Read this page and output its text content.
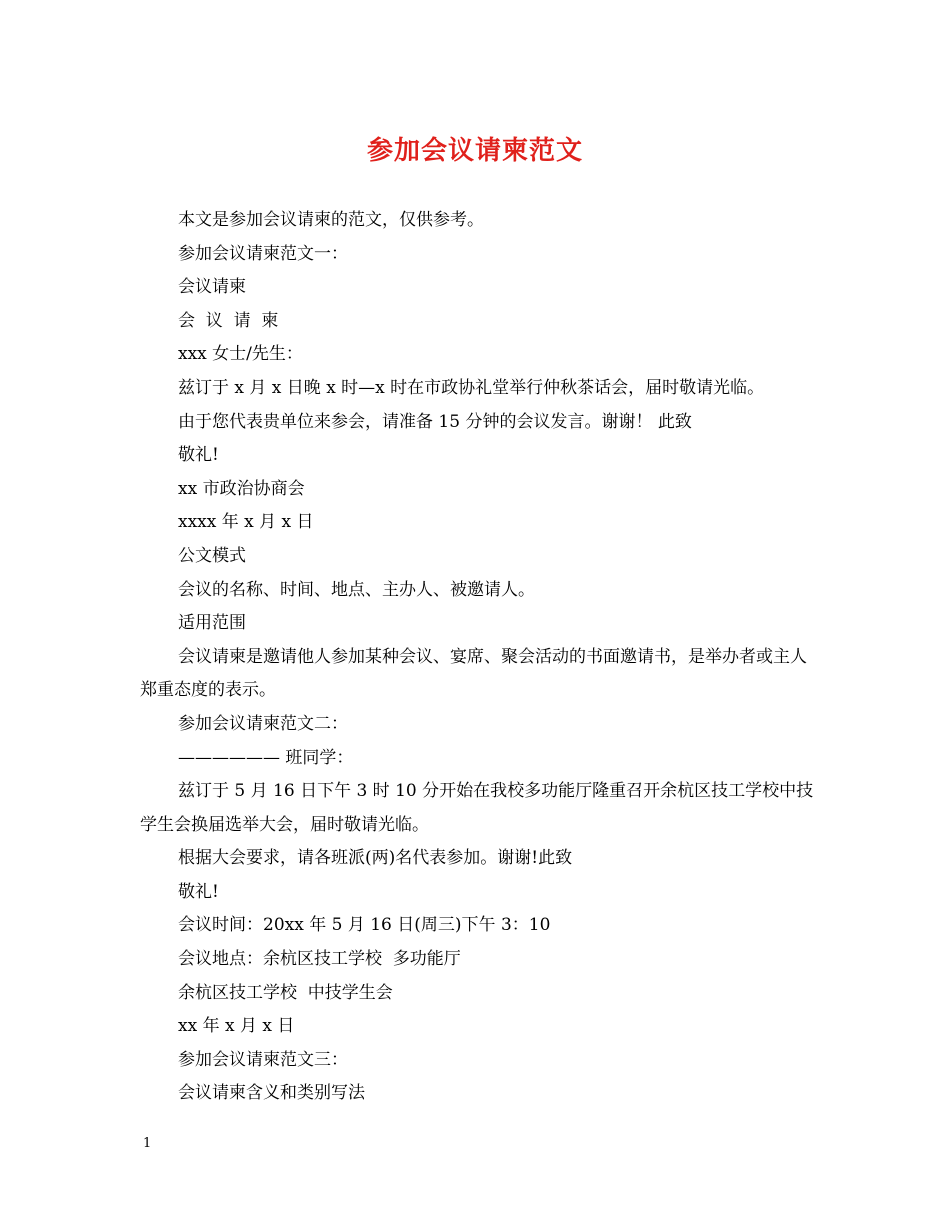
参加会议请柬范文

本文是参加会议请柬的范文，仅供参考。

参加会议请柬范文一：

会议请柬

会  议  请  柬

xxx 女士/先生：

兹订于 x 月 x 日晚 x 时—x 时在市政协礼堂举行仲秋茶话会，届时敬请光临。

由于您代表贵单位来参会，请准备 15 分钟的会议发言。谢谢！ 此致

敬礼!

xx 市政治协商会

xxxx 年 x 月 x 日

公文模式

会议的名称、时间、地点、主办人、被邀请人。

适用范围

会议请柬是邀请他人参加某种会议、宴席、聚会活动的书面邀请书，是举办者或主人郑重态度的表示。

参加会议请柬范文二：

—————— 班同学：

兹订于 5 月 16 日下午 3 时 10 分开始在我校多功能厅隆重召开余杭区技工学校中技学生会换届选举大会，届时敬请光临。

根据大会要求，请各班派(两)名代表参加。谢谢!此致

敬礼!

会议时间：20xx 年 5 月 16 日(周三)下午 3：10

会议地点：余杭区技工学校  多功能厅

余杭区技工学校  中技学生会

xx 年 x 月 x 日

参加会议请柬范文三：

会议请柬含义和类别写法

1
